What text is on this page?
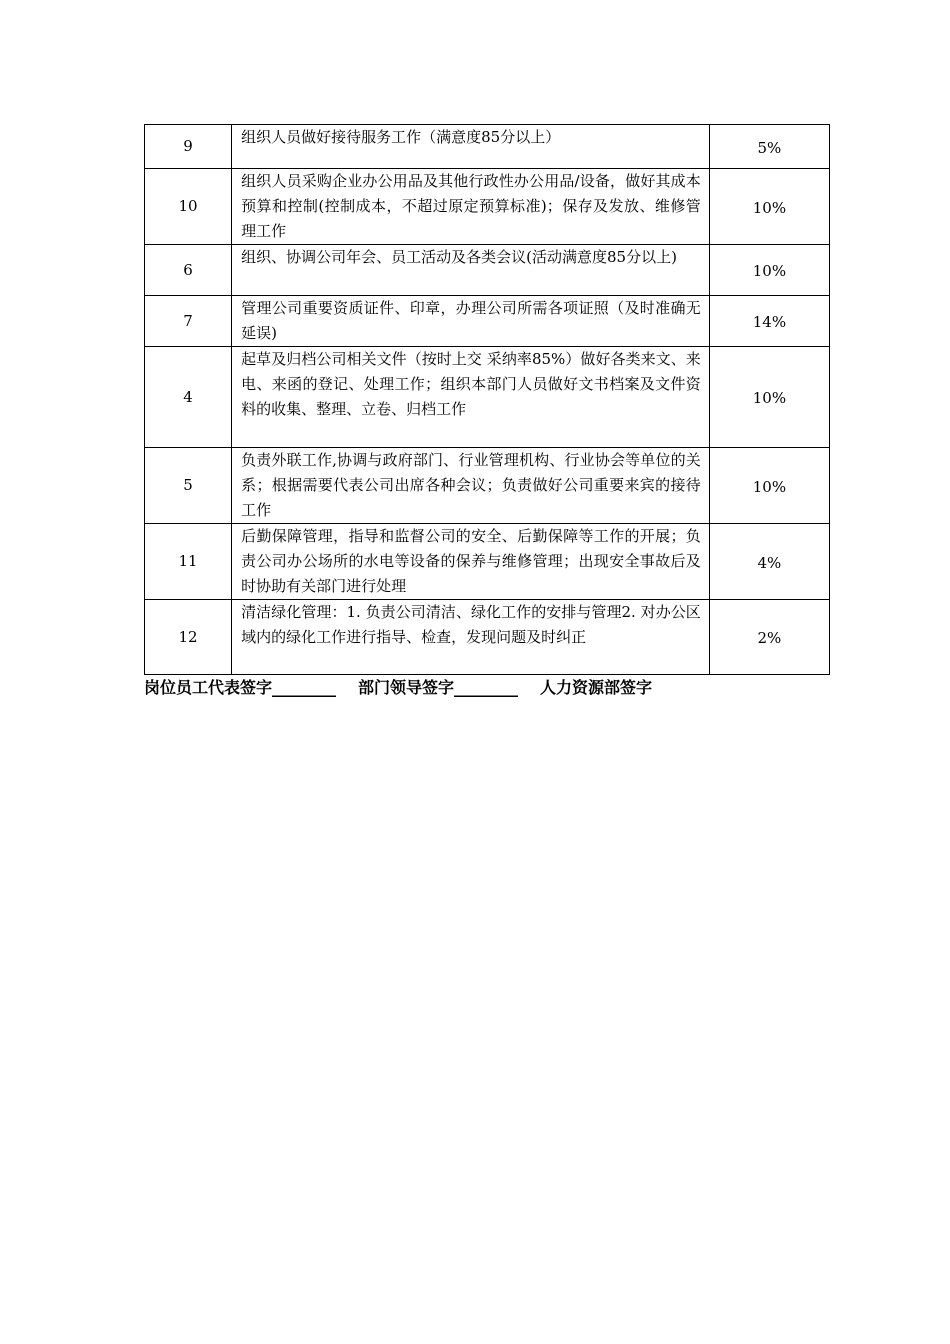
9	组织人员做好接待服务工作（满意度85分以上）	5%
10	组织人员采购企业办公用品及其他行政性办公用品/设备，做好其成本预算和控制(控制成本，不超过原定预算标准)；保存及发放、维修管理工作	10%
6	组织、协调公司年会、员工活动及各类会议(活动满意度85分以上)	10%
7	管理公司重要资质证件、印章，办理公司所需各项证照（及时准确无延误)	14%
4	起草及归档公司相关文件（按时上交 采纳率85%）做好各类来文、来电、来函的登记、处理工作；组织本部门人员做好文书档案及文件资料的收集、整理、立卷、归档工作	10%
5	负责外联工作,协调与政府部门、行业管理机构、行业协会等单位的关系；根据需要代表公司出席各种会议；负责做好公司重要来宾的接待工作	10%
11	后勤保障管理，指导和监督公司的安全、后勤保障等工作的开展；负责公司办公场所的水电等设备的保养与维修管理；出现安全事故后及时协助有关部门进行处理	4%
12	清洁绿化管理：1. 负责公司清洁、绿化工作的安排与管理2. 对办公区域内的绿化工作进行指导、检查，发现问题及时纠正	2%
岗位员工代表签字________ 部门领导签字________ 人力资源部签字
